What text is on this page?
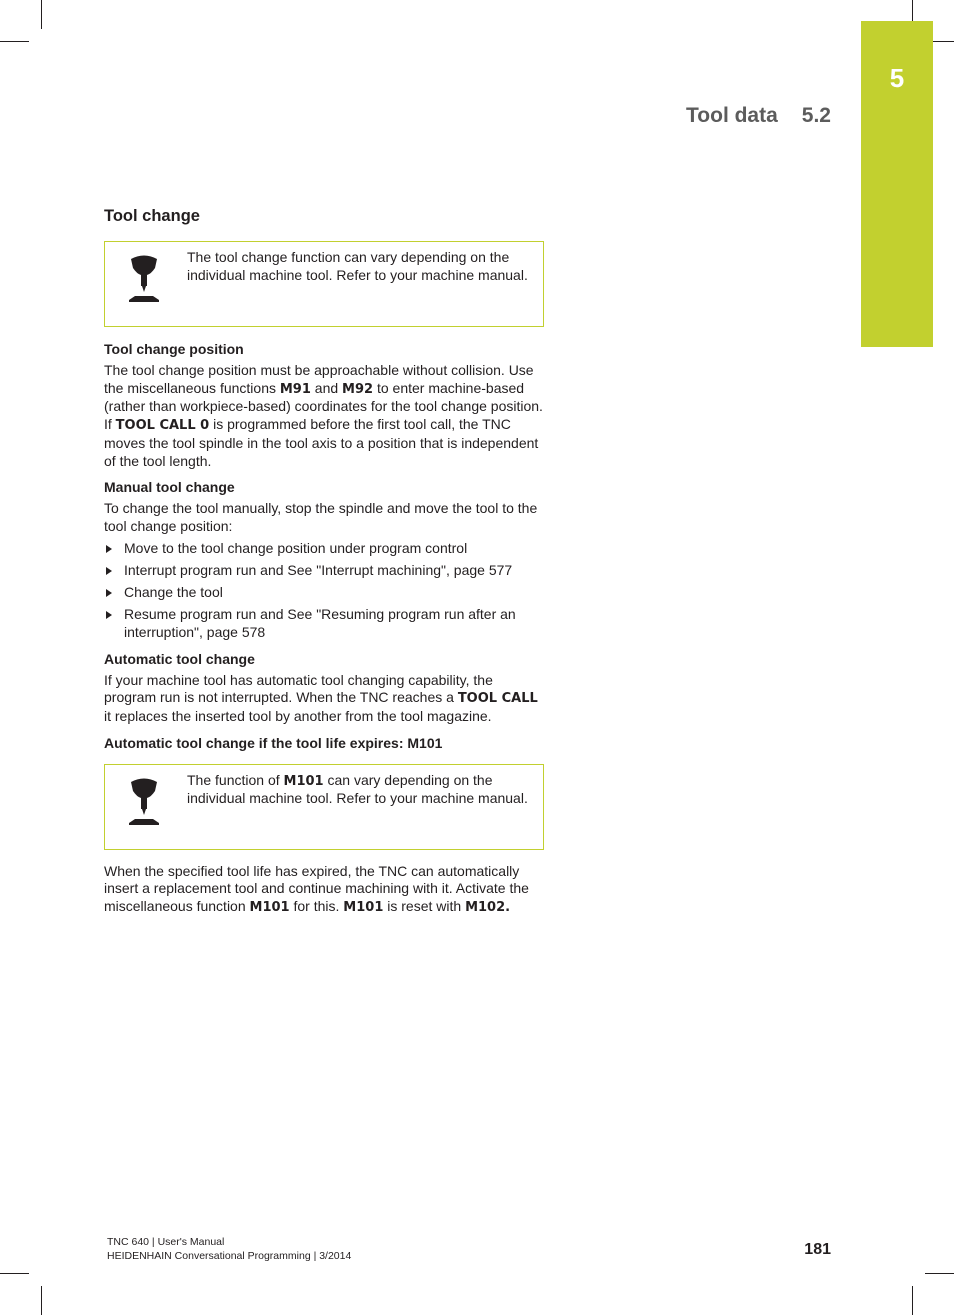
5
Tool data 5.2
Tool change
The tool change function can vary depending on the individual machine tool. Refer to your machine manual.
Tool change position

The tool change position must be approachable without collision. Use the miscellaneous functions M91 and M92 to enter machine-based (rather than workpiece-based) coordinates for the tool change position. If TOOL CALL 0 is programmed before the first tool call, the TNC moves the tool spindle in the tool axis to a position that is independent of the tool length.

Manual tool change

To change the tool manually, stop the spindle and move the tool to the tool change position:

Move to the tool change position under program control
Interrupt program run and See "Interrupt machining", page 577
Change the tool
Resume program run and See "Resuming program run after an interruption", page 578
Automatic tool change

If your machine tool has automatic tool changing capability, the program run is not interrupted. When the TNC reaches a TOOL CALL it replaces the inserted tool by another from the tool magazine.

Automatic tool change if the tool life expires: M101
The function of M101 can vary depending on the individual machine tool. Refer to your machine manual.

When the specified tool life has expired, the TNC can automatically insert a replacement tool and continue machining with it. Activate the miscellaneous function M101 for this. M101 is reset with M102.

TNC 640 | User's Manual
HEIDENHAIN Conversational Programming | 3/2014	181
